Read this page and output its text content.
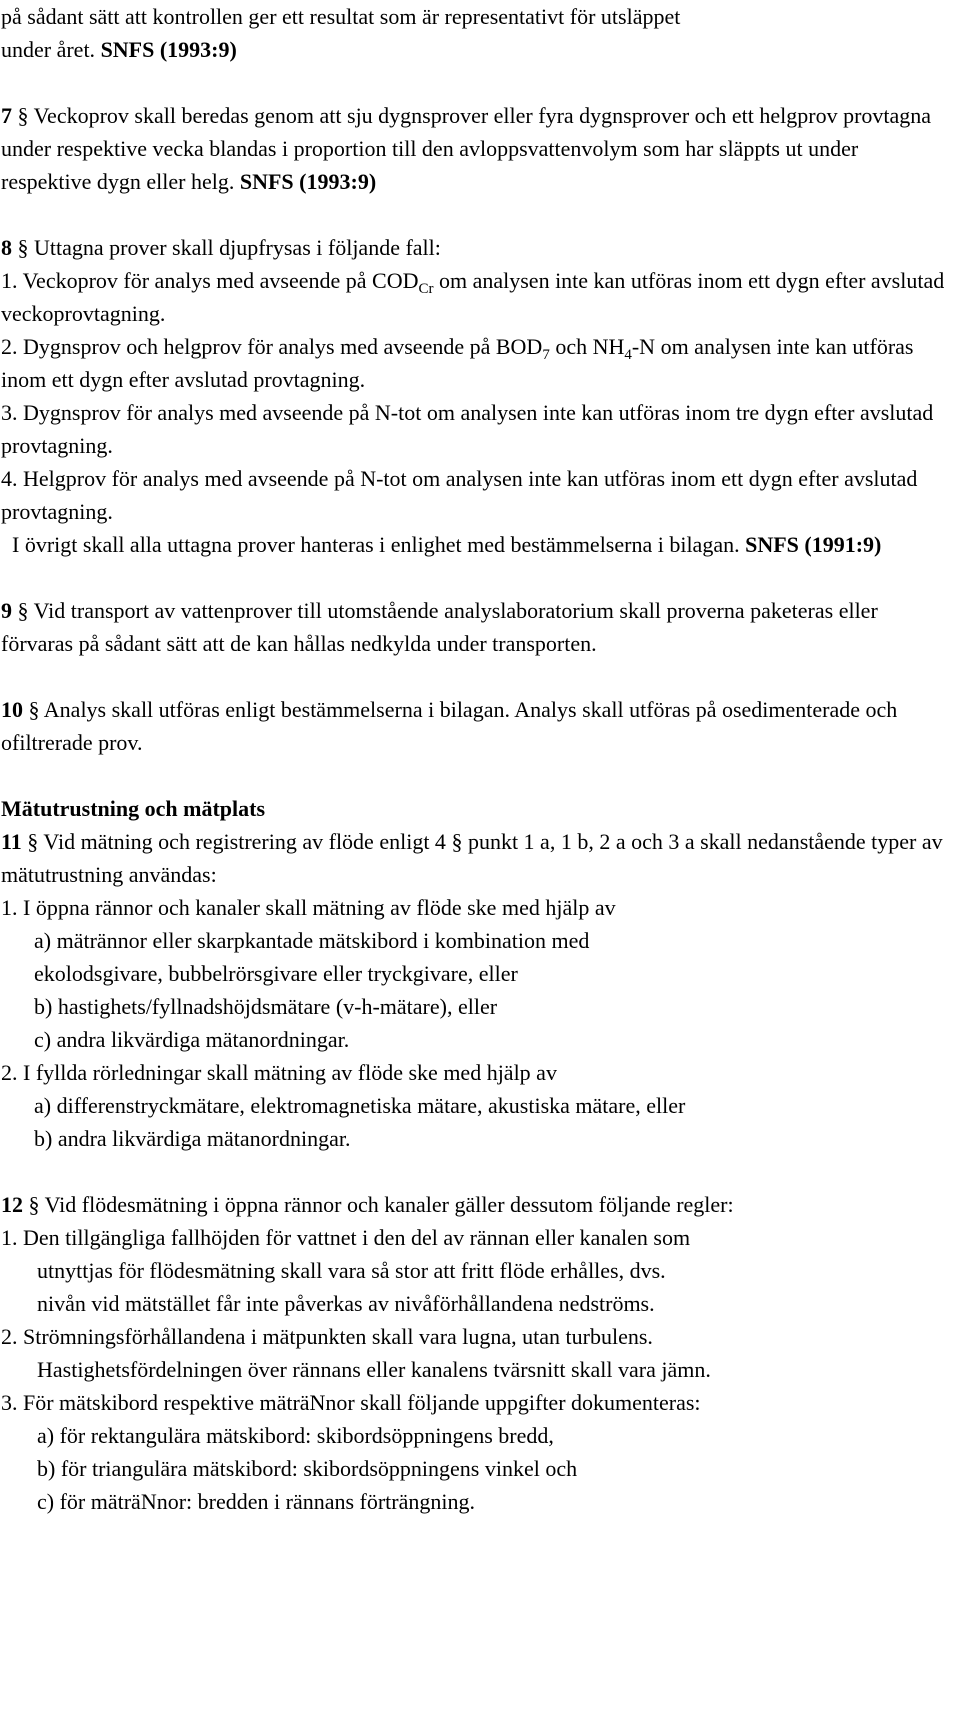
på sådant sätt att kontrollen ger ett resultat som är representativt för utsläppet
under året. SNFS (1993:9)

7 § Veckoprov skall beredas genom att sju dygnsprover eller fyra dygnsprover och ett helgprov provtagna under respektive vecka blandas i proportion till den avloppsvattenvolym som har släppts ut under respektive dygn eller helg. SNFS (1993:9)

8 § Uttagna prover skall djupfrysas i följande fall:

1. Veckoprov för analys med avseende på $COD_{Cr}$ om analysen inte kan utföras inom ett dygn efter avslutad veckoprovtagning.

2. Dygnsprov och helgprov för analys med avseende på $BOD_7$ och $NH_4-N$ om analysen inte kan utföras inom ett dygn efter avslutad provtagning.

3. Dygnsprov för analys med avseende på N-tot om analysen inte kan utföras inom tre dygn efter avslutad provtagning.

4. Helgprov för analys med avseende på N-tot om analysen inte kan utföras inom ett dygn efter avslutad provtagning.

I övrigt skall alla uttagna prover hanteras i enlighet med bestämmelserna i bilagan. SNFS (1991:9)

9 § Vid transport av vattenprover till utomstående analyslaboratorium skall proverna paketeras eller förvaras på sådant sätt att de kan hållas nedkylda under transporten.

10 § Analys skall utföras enligt bestämmelserna i bilagan. Analys skall utföras på osedimenterade och ofiltrerade prov.

Mätutrustning och mätplats

11 § Vid mätning och registrering av flöde enligt 4 § punkt 1 a, 1 b, 2 a och 3 a skall nedanstående typer av mätutrustning användas:

1. I öppna rännor och kanaler skall mätning av flöde ske med hjälp av

a) mätrännor eller skarpkantade mätskibord i kombination med

ekolodsgivare, bubbelrörsgivare eller tryckgivare, eller

b) hastighets/fyllnadshöjdsmätare (v-h-mätare), eller

c) andra likvärdiga mätanordningar.

2. I fyllda rörledningar skall mätning av flöde ske med hjälp av

a) differenstryckmätare, elektromagnetiska mätare, akustiska mätare, eller

b) andra likvärdiga mätanordningar.

12 § Vid flödesmätning i öppna rännor och kanaler gäller dessutom följande regler:

1. Den tillgängliga fallhöjden för vattnet i den del av rännan eller kanalen som

utnyttjas för flödesmätning skall vara så stor att fritt flöde erhålles, dvs.

nivån vid mätstället får inte påverkas av nivåförhållandena nedströms.

2. Strömningsförhållandena i mätpunkten skall vara lugna, utan turbulens.

Hastighetsfördelningen över rännans eller kanalens tvärsnitt skall vara jämn.

3. För mätskibord respektive mäträNnor skall följande uppgifter dokumenteras:

a) för rektangulära mätskibord: skibordsöppningens bredd,

b) för triangulära mätskibord: skibordsöppningens vinkel och

c) för mäträNnor: bredden i rännans förträngning.
